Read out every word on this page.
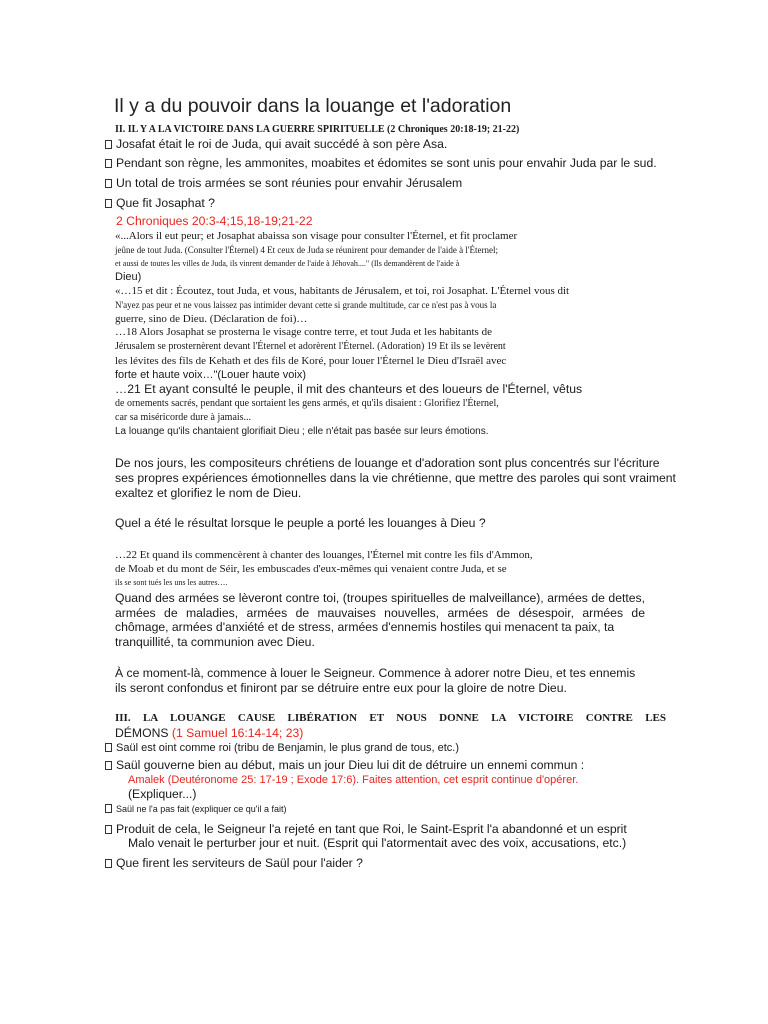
Il y a du pouvoir dans la louange et l'adoration
II. IL Y A LA VICTOIRE DANS LA GUERRE SPIRITUELLE (2 Chroniques 20:18-19; 21-22)
Josafat était le roi de Juda, qui avait succédé à son père Asa.
Pendant son règne, les ammonites, moabites et édomites se sont unis pour envahir Juda par le sud.
Un total de trois armées se sont réunies pour envahir Jérusalem
Que fit Josaphat ?
2 Chroniques 20:3-4;15,18-19;21-22
«...Alors il eut peur; et Josaphat abaissa son visage pour consulter l'Éternel, et fit proclamer
jeûne de tout Juda. (Consulter l'Éternel) 4 Et ceux de Juda se réunirent pour demander de l'aide à l'Éternel;
et aussi de toutes les villes de Juda, ils vinrent demander de l'aide à Jéhovah...." (Ils demandèrent de l'aide à
Dieu)
«…15 et dit : Écoutez, tout Juda, et vous, habitants de Jérusalem, et toi, roi Josaphat. L'Éternel vous dit
N'ayez pas peur et ne vous laissez pas intimider devant cette si grande multitude, car ce n'est pas à vous la
guerre, sino de Dieu. (Déclaration de foi)…
…18 Alors Josaphat se prosterna le visage contre terre, et tout Juda et les habitants de
Jérusalem se prosternèrent devant l'Éternel et adorèrent l'Éternel. (Adoration) 19 Et ils se levèrent
les lévites des fils de Kehath et des fils de Koré, pour louer l'Éternel le Dieu d'Israël avec
forte et haute voix…"(Louer haute voix)
…21 Et ayant consulté le peuple, il mit des chanteurs et des loueurs de l'Éternel, vêtus
de ornements sacrés, pendant que sortaient les gens armés, et qu'ils disaient : Glorifiez l'Éternel,
car sa miséricorde dure à jamais...
La louange qu'ils chantaient glorifiait Dieu ; elle n'était pas basée sur leurs émotions.
De nos jours, les compositeurs chrétiens de louange et d'adoration sont plus concentrés sur l'écriture
ses propres expériences émotionnelles dans la vie chrétienne, que mettre des paroles qui sont vraiment
exaltez et glorifiez le nom de Dieu.
Quel a été le résultat lorsque le peuple a porté les louanges à Dieu ?
…22 Et quand ils commencèrent à chanter des louanges, l'Éternel mit contre les fils d'Ammon,
de Moab et du mont de Séir, les embuscades d'eux-mêmes qui venaient contre Juda, et se
ils se sont tués les uns les autres….
Quand des armées se lèveront contre toi, (troupes spirituelles de malveillance), armées de dettes,
armées de maladies, armées de mauvaises nouvelles, armées de désespoir, armées de
chômage, armées d'anxiété et de stress, armées d'ennemis hostiles qui menacent ta paix, ta
tranquillité, ta communion avec Dieu.
À ce moment-là, commence à louer le Seigneur. Commence à adorer notre Dieu, et tes ennemis
ils seront confondus et finiront par se détruire entre eux pour la gloire de notre Dieu.
III. LA LOUANGE CAUSE LIBÉRATION ET NOUS DONNE LA VICTOIRE CONTRE LES
DÉMONS (1 Samuel 16:14-14; 23)
Saül est oint comme roi (tribu de Benjamin, le plus grand de tous, etc.)
Saül gouverne bien au début, mais un jour Dieu lui dit de détruire un ennemi commun :
Amalek (Deutéronome 25: 17-19 ; Exode 17:6). Faites attention, cet esprit continue d'opérer.
(Expliquer...)
Saül ne l'a pas fait (expliquer ce qu'il a fait)
Produit de cela, le Seigneur l'a rejeté en tant que Roi, le Saint-Esprit l'a abandonné et un esprit
Malo venait le perturber jour et nuit. (Esprit qui l'atormentait avec des voix, accusations, etc.)
Que firent les serviteurs de Saül pour l'aider ?
